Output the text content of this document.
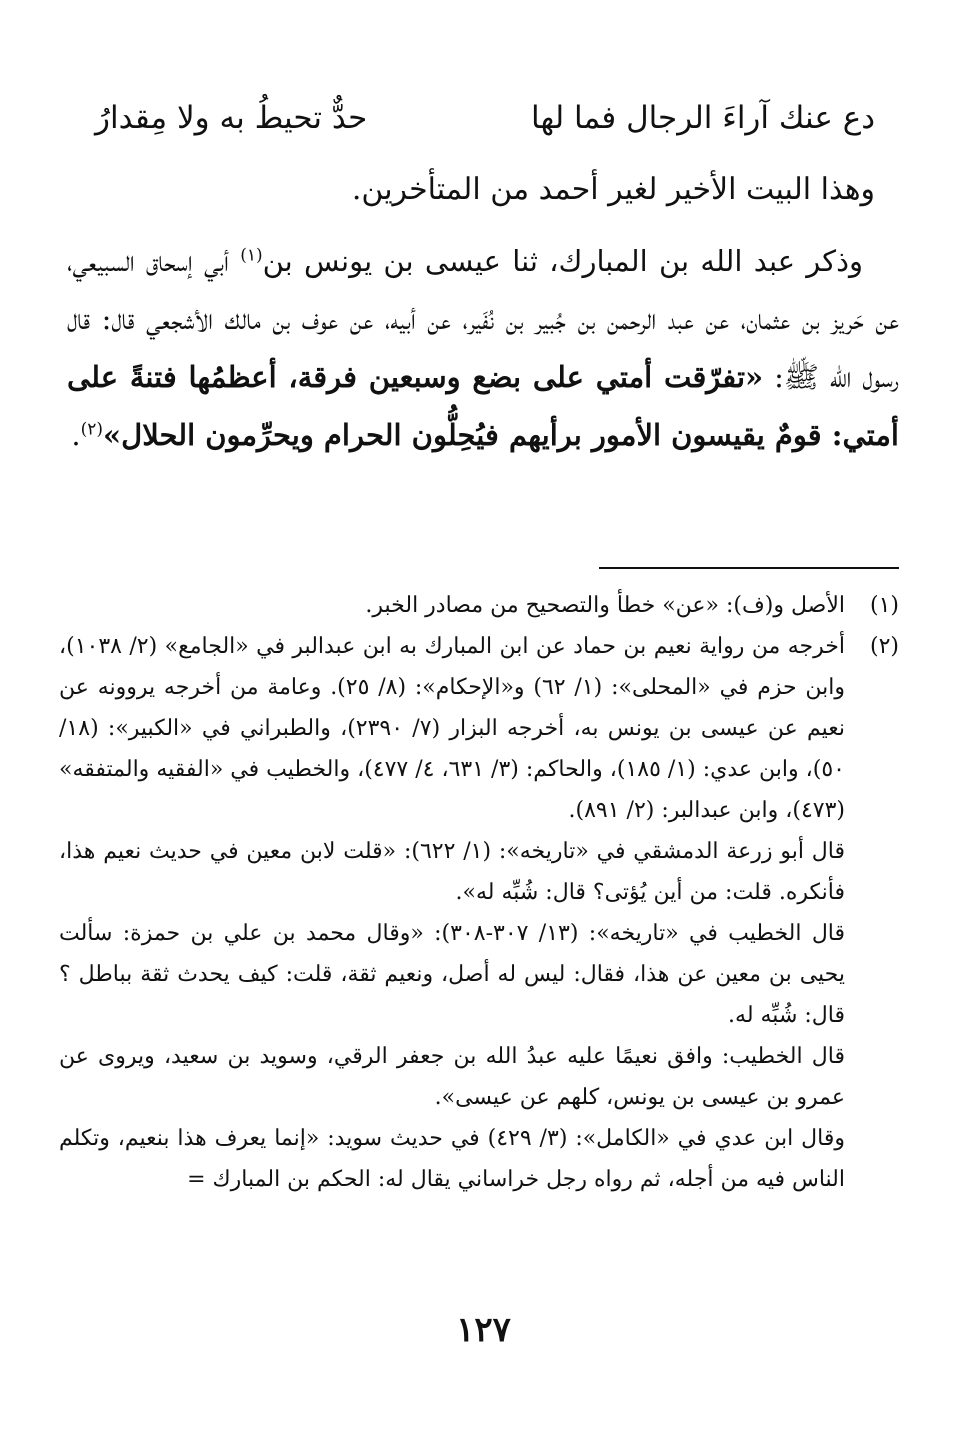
دع عنك آراءَ الرجال فما لها
حدٌّ تحيطُ به ولا مِقدارُ
وهذا البيت الأخير لغير أحمد من المتأخرين.
وذكر عبد الله بن المبارك، ثنا عيسى بن يونس بن$^{(١)}$ أبي إسحاق السبيعي، عن حَريز بن عثمان، عن عبد الرحمن بن جُبير بن نُفَير، عن أبيه، عن عوف بن مالك الأشجعي قال: قال رسول الله ﷺ: «تفرّقت أمتي على بضع وسبعين فرقة، أعظمُها فتنةً على أمتي: قومٌ يقيسون الأمور برأيهم فيُحِلُّون الحرام ويحرِّمون الحلال»$^{(٢)}$.
(١)

الأصل و(ف): «عن» خطأ والتصحيح من مصادر الخبر.

(٢)

أخرجه من رواية نعيم بن حماد عن ابن المبارك به ابن عبدالبر في «الجامع» (٢/ ١٠٣٨)، وابن حزم في «المحلى»: (١/ ٦٢) و«الإحكام»: (٨/ ٢٥). وعامة من أخرجه يروونه عن نعيم عن عيسى بن يونس به، أخرجه البزار (٧/ ٢٣٩٠)، والطبراني في «الكبير»: (١٨/ ٥٠)، وابن عدي: (١/ ١٨٥)، والحاكم: (٣/ ٦٣١، ٤/ ٤٧٧)، والخطيب في «الفقيه والمتفقه» (٤٧٣)، وابن عبدالبر: (٢/ ٨٩١).

قال أبو زرعة الدمشقي في «تاريخه»: (١/ ٦٢٢): «قلت لابن معين في حديث نعيم هذا، فأنكره. قلت: من أين يُؤتى؟ قال: شُبِّه له».

قال الخطيب في «تاريخه»: (١٣/ ٣٠٧-٣٠٨): «وقال محمد بن علي بن حمزة: سألت يحيى بن معين عن هذا، فقال: ليس له أصل، ونعيم ثقة، قلت: كيف يحدث ثقة بباطل ؟ قال: شُبِّه له.

قال الخطيب: وافق نعيمًا عليه عبدُ الله بن جعفر الرقي، وسويد بن سعيد، ويروى عن عمرو بن عيسى بن يونس، كلهم عن عيسى».

وقال ابن عدي في «الكامل»: (٣/ ٤٢٩) في حديث سويد: «إنما يعرف هذا بنعيم، وتكلم الناس فيه من أجله، ثم رواه رجل خراساني يقال له: الحكم بن المبارك =

١٢٧
